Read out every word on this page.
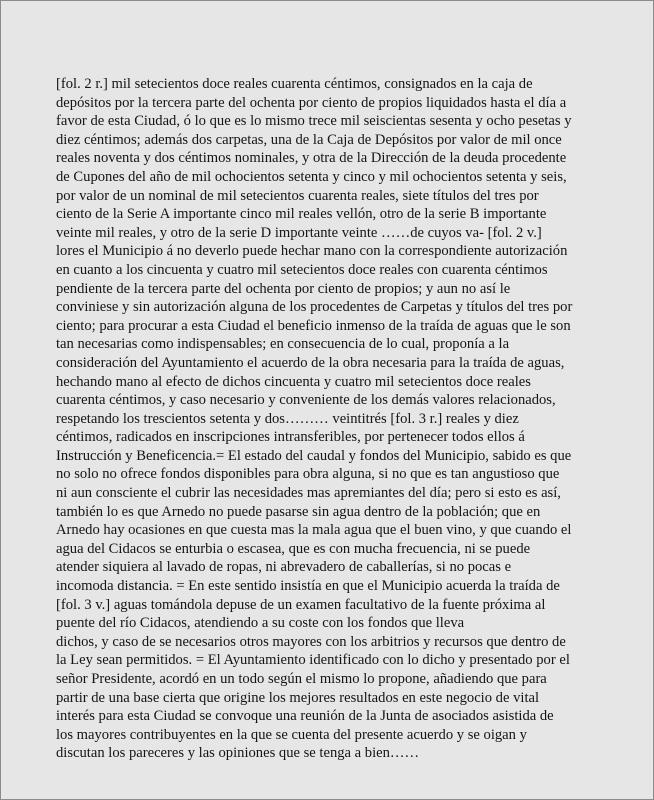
[fol. 2 r.] mil setecientos doce reales cuarenta céntimos, consignados en la caja de
depósitos por la tercera parte del ochenta por ciento de propios liquidados hasta el día a
favor de esta Ciudad, ó lo que es lo mismo trece mil seiscientas sesenta y ocho pesetas y
diez céntimos; además dos carpetas, una de la Caja de Depósitos por valor de mil once
reales noventa y dos céntimos nominales, y otra de la Dirección de la deuda procedente
de Cupones del año de mil ochocientos setenta y cinco y mil ochocientos setenta y seis,
por valor de un nominal de mil setecientos cuarenta reales, siete títulos del tres por
ciento de la Serie A importante cinco mil reales vellón, otro de la serie B importante
veinte mil reales, y otro de la serie D importante veinte ……de cuyos va- [fol. 2 v.]
lores el Municipio á no deverlo puede hechar mano con la correspondiente autorización
en cuanto a los cincuenta y cuatro mil setecientos doce reales con cuarenta céntimos
pendiente de la tercera parte del ochenta por ciento de propios; y aun no así le
conviniese y sin autorización alguna de los procedentes de Carpetas y títulos del tres por
ciento; para procurar a esta Ciudad el beneficio inmenso de la traída de aguas que le son
tan necesarias como indispensables; en consecuencia de lo cual, proponía a la
consideración del Ayuntamiento el acuerdo de la obra necesaria para la traída de aguas,
hechando mano al efecto de dichos cincuenta y cuatro mil setecientos doce reales
cuarenta céntimos, y caso necesario y conveniente de los demás valores relacionados,
respetando los trescientos setenta y dos……… veintitrés [fol. 3 r.] reales y diez
céntimos, radicados en inscripciones intransferibles, por pertenecer todos ellos á
Instrucción y Beneficencia.= El estado del caudal y fondos del Municipio, sabido es que
no solo no ofrece fondos disponibles para obra alguna, si no que es tan angustioso que
ni aun consciente el cubrir las necesidades mas apremiantes del día; pero si esto es así,
también lo es que Arnedo no puede pasarse sin agua dentro de la población; que en
Arnedo hay ocasiones en que cuesta mas la mala agua que el buen vino, y que cuando el
agua del Cidacos se enturbia o escasea, que es con mucha frecuencia, ni se puede
atender siquiera al lavado de ropas, ni abrevadero de caballerías, si no pocas e
incomoda distancia. = En este sentido insistía en que el Municipio acuerda la traída de
[fol. 3 v.] aguas tomándola depuse de un examen facultativo de la fuente próxima al
puente del río Cidacos, atendiendo a su coste con los fondos que lleva
dichos, y caso de se necesarios otros mayores con los arbitrios y recursos que dentro de
la Ley sean permitidos. = El Ayuntamiento identificado con lo dicho y presentado por el
señor Presidente, acordó en un todo según el mismo lo propone, añadiendo que para
partir de una base cierta que origine los mejores resultados en este negocio de vital
interés para esta Ciudad se convoque una reunión de la Junta de asociados asistida de
los mayores contribuyentes en la que se cuenta del presente acuerdo y se oigan y
discutan los pareceres y las opiniones que se tenga a bien……
